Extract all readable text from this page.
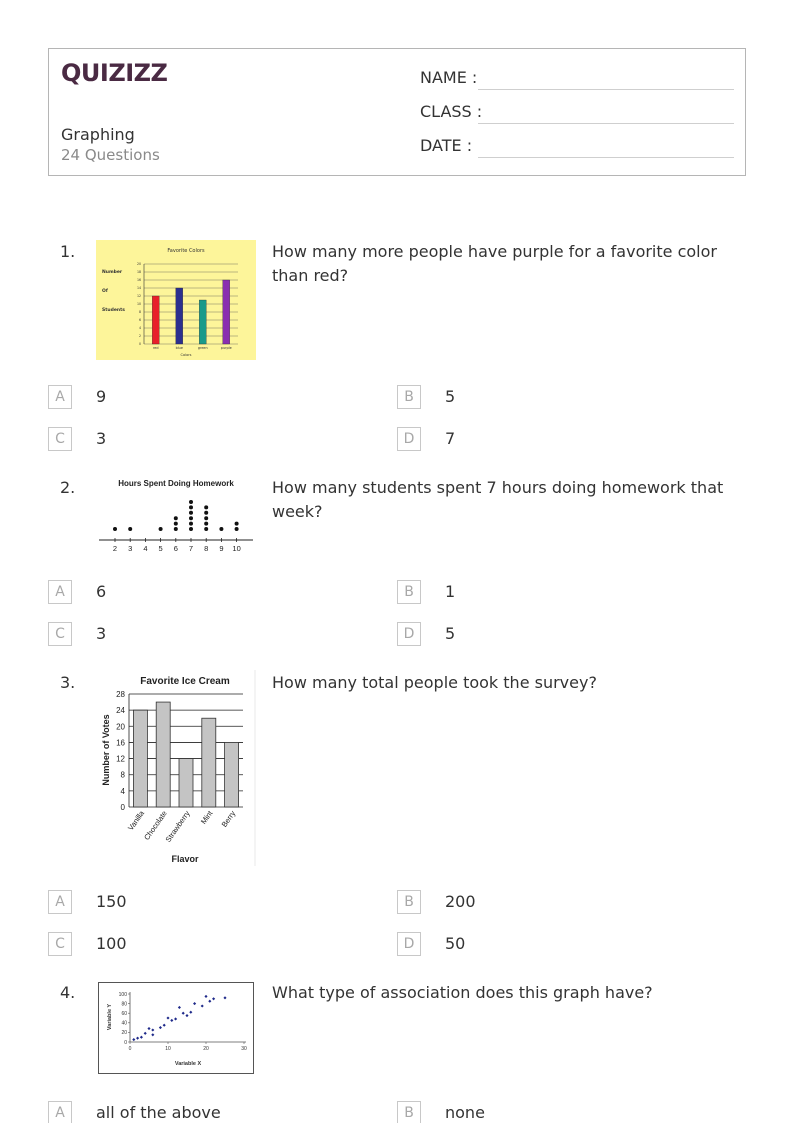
QUIZIZZ
Graphing
24 Questions
NAME :
CLASS :
DATE :
1.	Favorite Colors
Number
Of
Students
20
18
16
14
12
10
8
6
4
2
0
red	blue	green	purple
Colors
How many more people have purple for a favorite color than red?
A	9	B	5
C	3	D	7
2.	Hours Spent Doing Homework
2 3 4 5 6 7 8 9 10
How many students spent 7 hours doing homework that week?
A	6	B	1
C	3	D	5
3.	Favorite Ice Cream
Number of Votes
28
24
20
16
12
8
4
0
Vanilla
Chocolate
Strawberry Mint Berry
Flavor
How many total people took the survey?
A	150	B	200
C	100	D	50
4.
0	10	20	30
100
80
60
40
20
0
Variable X
Variable Y
What type of association does this graph have?
A	all of the above	B	none
